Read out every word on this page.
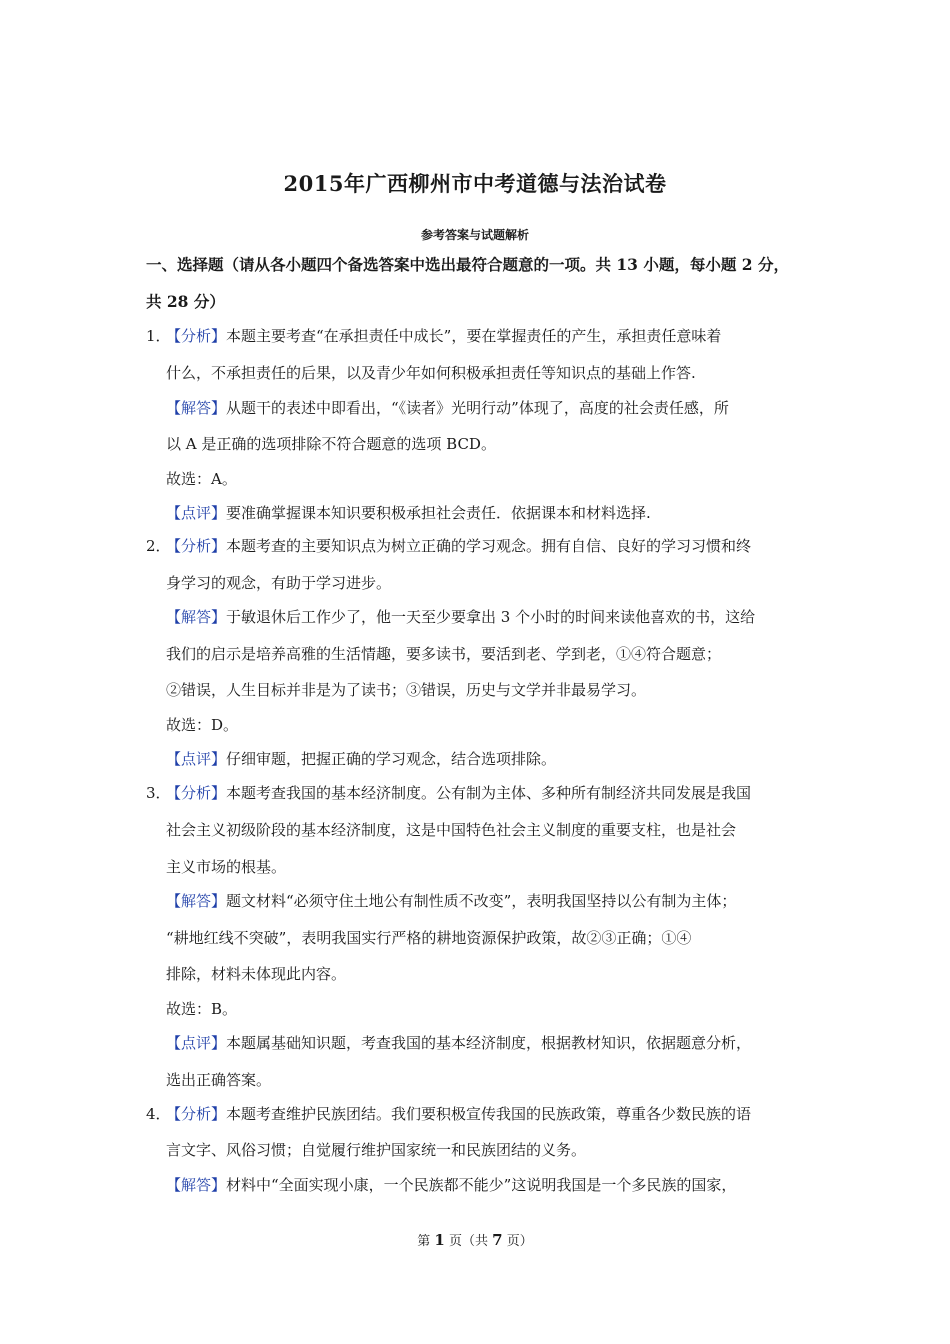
2015年广西柳州市中考道德与法治试卷
参考答案与试题解析
一、选择题（请从各小题四个备选答案中选出最符合题意的一项。共 13 小题，每小题 2 分，
共 28 分）
1．
【分析】本题主要考查“在承担责任中成长”，要在掌握责任的产生，承担责任意味着
什么，不承担责任的后果，以及青少年如何积极承担责任等知识点的基础上作答.
【解答】从题干的表述中即看出，“《读者》光明行动”体现了，高度的社会责任感，所
以 A 是正确的选项排除不符合题意的选项 BCD。
故选：A。
【点评】要准确掌握课本知识要积极承担社会责任．依据课本和材料选择.
2．
【分析】本题考查的主要知识点为树立正确的学习观念。拥有自信、良好的学习习惯和终
身学习的观念，有助于学习进步。
【解答】于敏退休后工作少了，他一天至少要拿出 3 个小时的时间来读他喜欢的书，这给
我们的启示是培养高雅的生活情趣，要多读书，要活到老、学到老，①④符合题意；
②错误，人生目标并非是为了读书；③错误，历史与文学并非最易学习。
故选：D。
【点评】仔细审题，把握正确的学习观念，结合选项排除。
3．
【分析】本题考查我国的基本经济制度。公有制为主体、多种所有制经济共同发展是我国
社会主义初级阶段的基本经济制度，这是中国特色社会主义制度的重要支柱，也是社会
主义市场的根基。
【解答】题文材料“必须守住土地公有制性质不改变”，表明我国坚持以公有制为主体；
“耕地红线不突破”，表明我国实行严格的耕地资源保护政策，故②③正确；①④
排除，材料未体现此内容。
故选：B。
【点评】本题属基础知识题，考查我国的基本经济制度，根据教材知识，依据题意分析，
选出正确答案。
4．
【分析】本题考查维护民族团结。我们要积极宣传我国的民族政策，尊重各少数民族的语
言文字、风俗习惯；自觉履行维护国家统一和民族团结的义务。
【解答】材料中“全面实现小康，一个民族都不能少”这说明我国是一个多民族的国家，
第 1 页（共 7 页）
